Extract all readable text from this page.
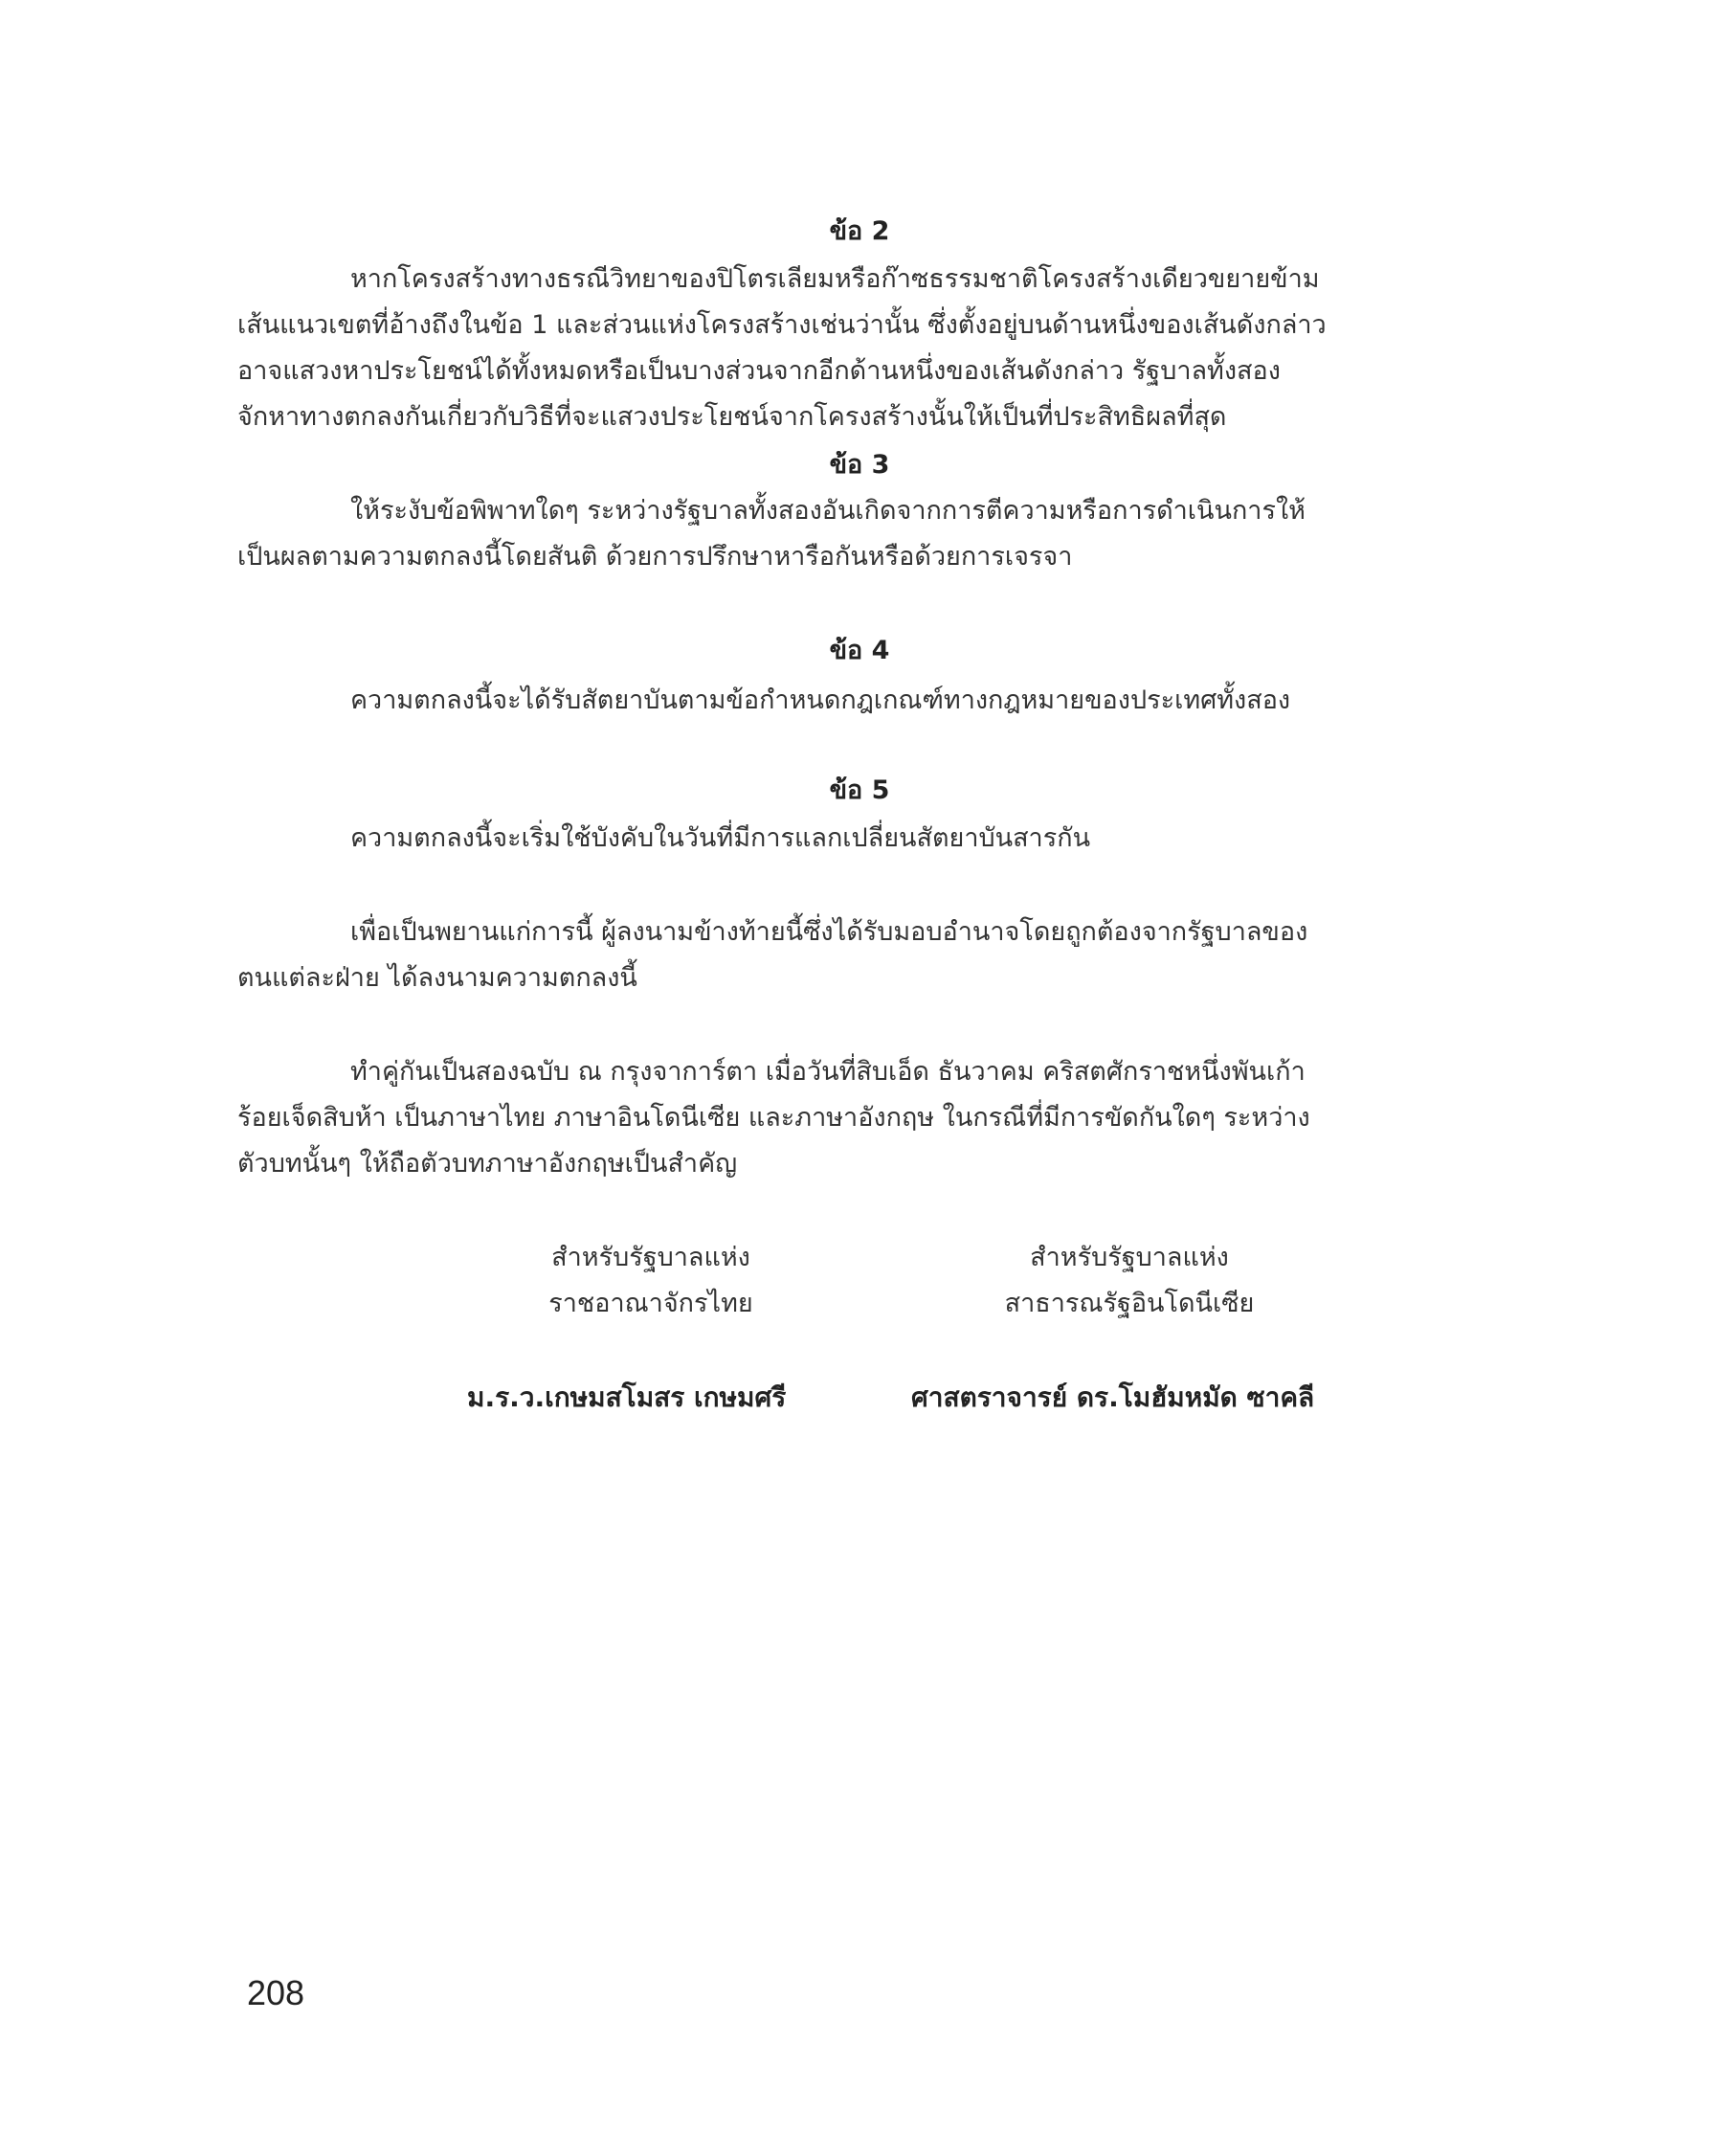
ข้อ 2
หากโครงสร้างทางธรณีวิทยาของปิโตรเลียมหรือก๊าซธรรมชาติโครงสร้างเดียวขยายข้าม
เส้นแนวเขตที่อ้างถึงในข้อ 1 และส่วนแห่งโครงสร้างเช่นว่านั้น ซึ่งตั้งอยู่บนด้านหนึ่งของเส้นดังกล่าว
อาจแสวงหาประโยชน์ได้ทั้งหมดหรือเป็นบางส่วนจากอีกด้านหนึ่งของเส้นดังกล่าว รัฐบาลทั้งสอง
จักหาทางตกลงกันเกี่ยวกับวิธีที่จะแสวงประโยชน์จากโครงสร้างนั้นให้เป็นที่ประสิทธิผลที่สุด
ข้อ 3
ให้ระงับข้อพิพาทใดๆ ระหว่างรัฐบาลทั้งสองอันเกิดจากการตีความหรือการดำเนินการให้
เป็นผลตามความตกลงนี้โดยสันติ ด้วยการปรึกษาหารือกันหรือด้วยการเจรจา
ข้อ 4
ความตกลงนี้จะได้รับสัตยาบันตามข้อกำหนดกฎเกณฑ์ทางกฎหมายของประเทศทั้งสอง
ข้อ 5
ความตกลงนี้จะเริ่มใช้บังคับในวันที่มีการแลกเปลี่ยนสัตยาบันสารกัน
เพื่อเป็นพยานแก่การนี้ ผู้ลงนามข้างท้ายนี้ซึ่งได้รับมอบอำนาจโดยถูกต้องจากรัฐบาลของ
ตนแต่ละฝ่าย ได้ลงนามความตกลงนี้
ทำคู่กันเป็นสองฉบับ ณ กรุงจาการ์ตา เมื่อวันที่สิบเอ็ด ธันวาคม คริสตศักราชหนึ่งพันเก้า
ร้อยเจ็ดสิบห้า เป็นภาษาไทย ภาษาอินโดนีเซีย และภาษาอังกฤษ ในกรณีที่มีการขัดกันใดๆ ระหว่าง
ตัวบทนั้นๆ ให้ถือตัวบทภาษาอังกฤษเป็นสำคัญ
สำหรับรัฐบาลแห่ง
ราชอาณาจักรไทย
สำหรับรัฐบาลแห่ง
สาธารณรัฐอินโดนีเซีย
ม.ร.ว.เกษมสโมสร เกษมศรี	ศาสตราจารย์ ดร.โมฮัมหมัด ซาคลี
208
